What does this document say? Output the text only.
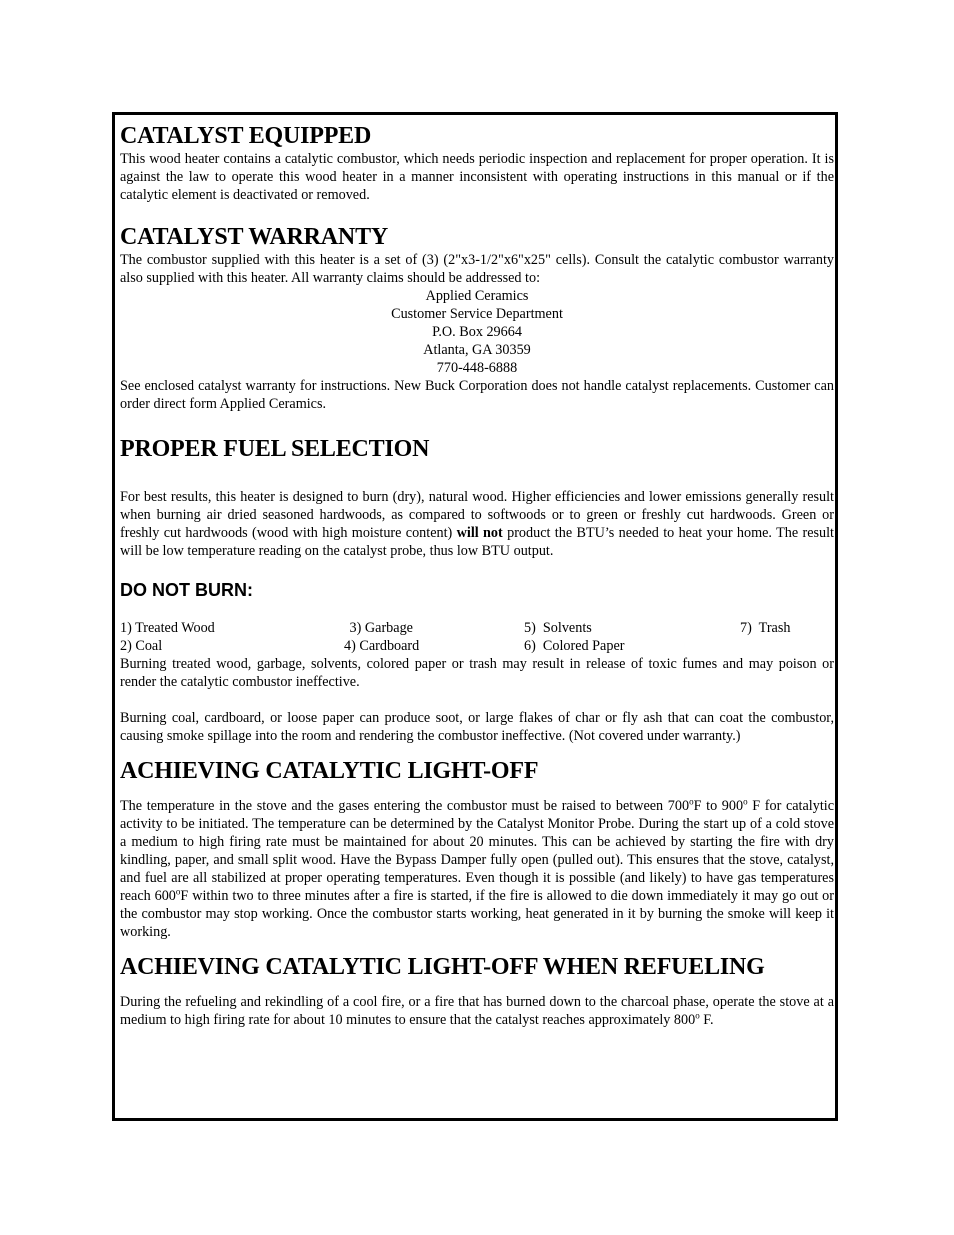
CATALYST EQUIPPED

This wood heater contains a catalytic combustor, which needs periodic inspection and replacement for proper operation. It is against the law to operate this wood heater in a manner inconsistent with operating instructions in this manual or if the catalytic element is deactivated or removed.

CATALYST WARRANTY

The combustor supplied with this heater is a set of (3) (2"x3-1/2"x6"x25" cells). Consult the catalytic combustor warranty also supplied with this heater. All warranty claims should be addressed to:

Applied Ceramics
Customer Service Department
P.O. Box 29664
Atlanta, GA 30359
770-448-6888

See enclosed catalyst warranty for instructions. New Buck Corporation does not handle catalyst replacements. Customer can order direct form Applied Ceramics.

PROPER FUEL SELECTION

For best results, this heater is designed to burn (dry), natural wood. Higher efficiencies and lower emissions generally result when burning air dried seasoned hardwoods, as compared to softwoods or to green or freshly cut hardwoods. Green or freshly cut hardwoods (wood with high moisture content) will not product the BTU’s needed to heat your home. The result will be low temperature reading on the catalyst probe, thus low BTU output.

DO NOT BURN:
1) Treated Wood	3) Garbage	5)  Solvents	7)  Trash
2) Coal	4) Cardboard	6)  Colored Paper

Burning treated wood, garbage, solvents, colored paper or trash may result in release of toxic fumes and may poison or render the catalytic combustor ineffective.

Burning coal, cardboard, or loose paper can produce soot, or large flakes of char or fly ash that can coat the combustor, causing smoke spillage into the room and rendering the combustor ineffective. (Not covered under warranty.)

ACHIEVING CATALYTIC LIGHT-OFF

The temperature in the stove and the gases entering the combustor must be raised to between 700$^o$F to 900$^o$ F for catalytic activity to be initiated. The temperature can be determined by the Catalyst Monitor Probe. During the start up of a cold stove a medium to high firing rate must be maintained for about 20 minutes. This can be achieved by starting the fire with dry kindling, paper, and small split wood. Have the Bypass Damper fully open (pulled out). This ensures that the stove, catalyst, and fuel are all stabilized at proper operating temperatures. Even though it is possible (and likely) to have gas temperatures reach 600$^o$F within two to three minutes after a fire is started, if the fire is allowed to die down immediately it may go out or the combustor may stop working. Once the combustor starts working, heat generated in it by burning the smoke will keep it working.

ACHIEVING CATALYTIC LIGHT-OFF WHEN REFUELING

During the refueling and rekindling of a cool fire, or a fire that has burned down to the charcoal phase, operate the stove at a medium to high firing rate for about 10 minutes to ensure that the catalyst reaches approximately 800$^o$ F.
